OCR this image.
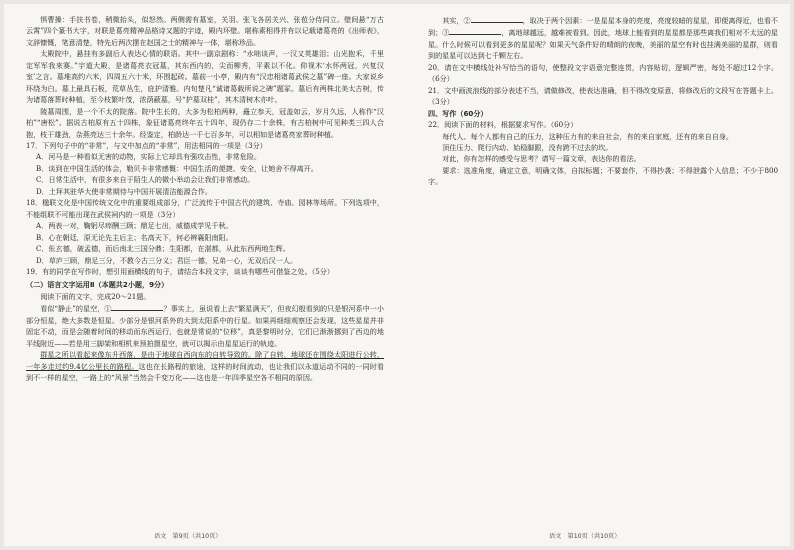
惧曹操：手扶书卷，稍微抬头，似怒然。两侧需有墓室，关羽、张飞各居关兴、张苞分侍同立。壁间悬“万古云霄”四个篆书大字，对联是葛亮精神品格诗又题的字迹，殿内环壁。堪称素相得并有以记载诸葛亮的《出师表》，文辞慷慨，笔意清楚，特先后两次摆在赵国之士的精神与一体，堪称珍品。

太殿院中，悬挂有多副后人表达心情的联语。其中一副京剧称：“水咄谈声，一汉又英雄泪；山光抱禾，千里定军军我来赛。”宇道大殿，是诸葛亮衣冠墓，其东西内的，尖而柳秀，平素以不化。仰视木‘水怀两冠，兴复汉室’之言。墓堆高约六米，四周五六十米，环围起砖。墓前一小亭，殿内有“汉忠相诸葛武侯之墓”碑一座。大家说乡环绕为白。墓上最具石板，荒草丛生，庇护清雅。内旬楚凡“诚诸葛载所说之碑”题冢。墓后有两株北美太古树，传为诸葛落葬时种植，至今枝繁叶茂，浓荫蔽墓，号“护墓双桂”，其木清树木亦叶。

陵墓周围，是一个不太的院落。院中生长的，大多为松柏两种，矗立参天，冠盖如云，岁月久远，人称作“汉柏”“唐松”。据说古柏原有五十四株，象征诸葛亮终年五十四年，现仍存二十余株，有古柏树中可见种类三四人合抱，枝干雄劲，杂燕亮达三十余年。经鉴定，柏龄达一千七百多年，可以相如是诸葛亮家葬时种植。

17．下列句子中的“非常”，与文中加点的“非常”，用法相同的一项是（3分）

A．河马是一种看似无害的动物，实际上它却具有强攻击性，非常危险。

B．谈到在中国生活的体会，勒贝卡非常感慨：中国生活的便捷、安全，让她舍不得离开。

C．日常生活中，有很多来自于陌生人的微小举动会让我们非常感动。

D．土拜其驻华大使非常期待与中国开展清洁能源合作。

18．楹联文化是中国传统文化中的重要组成部分，广泛流传于中国古代的建筑、寺庙、园林等场所。下列选项中，不能组联不可能出现在武侯祠内的一项是（3分）

A．两表一对，鞠躬尽瘁酬三顾；鼎足七出，威德成学见千秋。

B．心在朝廷，原无论先主后主；名高天下，何必辨襄阳南阳。

C．伥玄德，破孟德，而后南北三国分鼎；生阳都，在湛都，从此东西两地生辉。

D．草庐三顾，鼎足三分，不教今古三分义；君臣一德，兄弟一心，无双后汉一人。

19．有的同学在写作时，想引用画横线的句子，请结合本段文字，谈谈有哪些可借鉴之处。（5分）

（二）语言文字运用Ⅱ（本题共2小题，9分）

阅读下面的文字，完成20～21题。

看似“静止”的星空，①	？事实上，虽说看上去“繁星满天”，但夜幻般看到的只是银河系中一小部分恒星，绝大多数是恒星。少部分是银河系外的大到太阳系中的行星。如果再细细观察还会发现，这些星星并非固定不动，而是会随着时间的移动而东西运行，也就是常说的“位移”，真是黎明时分，它们已渐渐挪到了西边的地平线附近——若是用三脚架和相机来预拍摄星空，就可以揭示由星星运行的轨迹。

群星之所以看起来像东升西落，是由于地球自西向东的自转导致的。除了自转，地球还在围绕太阳进行公转，一年多走过约9.4亿公里长的路程。这也在长路程的旅途，这样的时间流动，也让我们以永道运动不同的一同时看到不一样的星空，一路上的“风景”当然会千变万化——这也是一年四季星空各不相同的原因。

其实，②	，取决于两个因素：一是星星本身的亮度，亮度较暗的星星，即便离得近，也看不到；③	，离地球越远，越难被看到。因此，地球上能看到的星星都是那些离我们相对不太远的星星。什么时候可以看到更多的星星呢？如果天气条件好的晴朗的夜晚，美丽的星空有时也挂满美丽的星群，则看到的星星可以达到七千颗左右。

20．请在文中横线处补写恰当的语句，使整段文字语意完整连贯，内容贴切，逻辑严密，每处不超过12个字。（6分）

21．文中画波浪线的部分表述不当，请做修改，使表达准确，但不得改变原意，将修改后的文段写在答题卡上。（3分）

四、写作（60分）

22．阅读下面的材料，根据要求写作。（60分）

每代人、每个人都有自己的压力，这种压力有的来自社会，有的来自家庭，还有的来自自身。

顶住压力、爬行内动、始稳脚跟，没有跨不过去的坎。

对此，你有怎样的感受与思考？请写一篇文章，表达你的看法。

要求：选准角度，确定立意，明确文体，自拟标题；不要套作，不得抄袭；不得泄露个人信息；不少于800字。

语文　第9页（共10页）	语文　第10页（共10页）
